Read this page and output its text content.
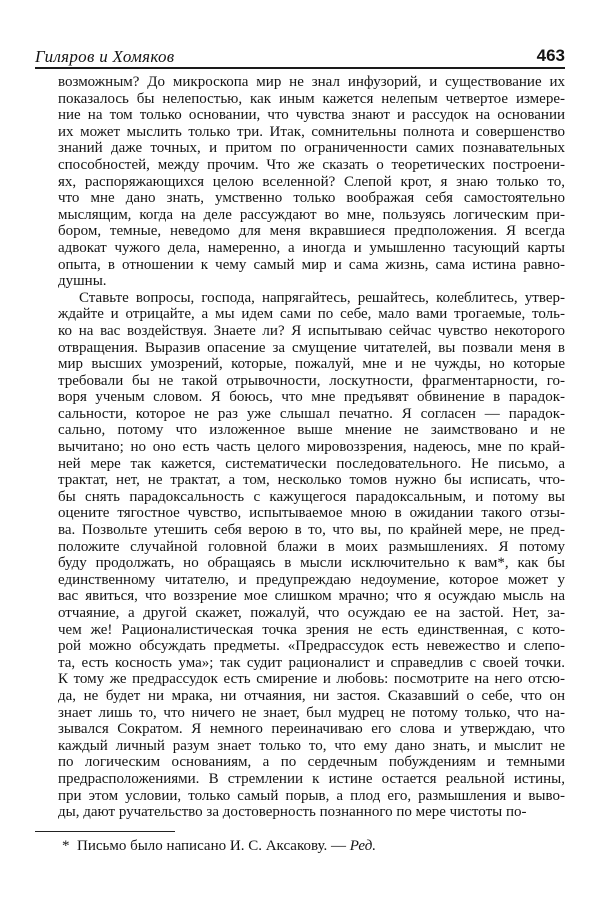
Гиляров и Хомяков	463
возможным? До микроскопа мир не знал инфузорий, и существование их
показалось бы нелепостью, как иным кажется нелепым четвертое измере-
ние на том только основании, что чувства знают и рассудок на основании
их может мыслить только три. Итак, сомнительны полнота и совершенство
знаний даже точных, и притом по ограниченности самих познавательных
способностей, между прочим. Что же сказать о теоретических построени-
ях, распоряжающихся целою вселенной? Слепой крот, я знаю только то,
что мне дано знать, умственно только воображая себя самостоятельно
мыслящим, когда на деле рассуждают во мне, пользуясь логическим при-
бором, темные, неведомо для меня вкравшиеся предположения. Я всегда
адвокат чужого дела, намеренно, а иногда и умышленно тасующий карты
опыта, в отношении к чему самый мир и сама жизнь, сама истина равно-
душны.
Ставьте вопросы, господа, напрягайтесь, решайтесь, колеблитесь, утвер-
ждайте и отрицайте, а мы идем сами по себе, мало вами трогаемые, толь-
ко на вас воздействуя. Знаете ли? Я испытываю сейчас чувство некоторого
отвращения. Выразив опасение за смущение читателей, вы позвали меня в
мир высших умозрений, которые, пожалуй, мне и не чужды, но которые
требовали бы не такой отрывочности, лоскутности, фрагментарности, го-
воря ученым словом. Я боюсь, что мне предъявят обвинение в парадок-
сальности, которое не раз уже слышал печатно. Я согласен — парадок-
сально, потому что изложенное выше мнение не заимствовано и не
вычитано; но оно есть часть целого мировоззрения, надеюсь, мне по край-
ней мере так кажется, систематически последовательного. Не письмо, а
трактат, нет, не трактат, а том, несколько томов нужно бы исписать, что-
бы снять парадоксальность с кажущегося парадоксальным, и потому вы
оцените тягостное чувство, испытываемое мною в ожидании такого отзы-
ва. Позвольте утешить себя верою в то, что вы, по крайней мере, не пред-
положите случайной головной блажи в моих размышлениях. Я потому
буду продолжать, но обращаясь в мысли исключительно к вам*, как бы
единственному читателю, и предупреждаю недоумение, которое может у
вас явиться, что воззрение мое слишком мрачно; что я осуждаю мысль на
отчаяние, а другой скажет, пожалуй, что осуждаю ее на застой. Нет, за-
чем же! Рационалистическая точка зрения не есть единственная, с кото-
рой можно обсуждать предметы. «Предрассудок есть невежество и слепо-
та, есть косность ума»; так судит рационалист и справедлив с своей точки.
К тому же предрассудок есть смирение и любовь: посмотрите на него отсю-
да, не будет ни мрака, ни отчаяния, ни застоя. Сказавший о себе, что он
знает лишь то, что ничего не знает, был мудрец не потому только, что на-
зывался Сократом. Я немного переиначиваю его слова и утверждаю, что
каждый личный разум знает только то, что ему дано знать, и мыслит не
по логическим основаниям, а по сердечным побуждениям и темными
предрасположениями. В стремлении к истине остается реальной истины,
при этом условии, только самый порыв, а плод его, размышления и выво-
ды, дают ручательство за достоверность познанного по мере чистоты по-
* Письмо было написано И. С. Аксакову. — Ред.
